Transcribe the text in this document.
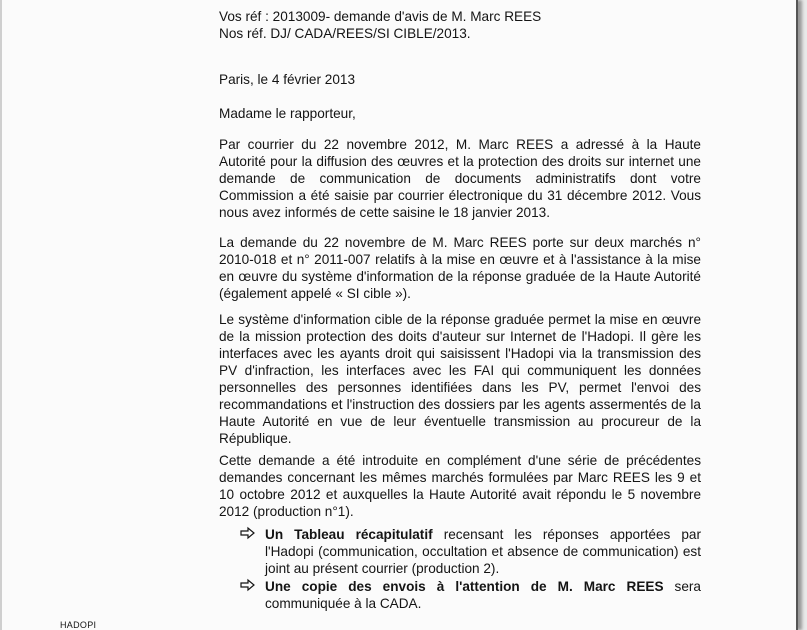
Vos réf : 2013009- demande d'avis de M. Marc REES
Nos réf. DJ/ CADA/REES/SI CIBLE/2013.
Paris, le 4 février 2013
Madame le rapporteur,

Par courrier du 22 novembre 2012, M. Marc REES a adressé à la Haute Autorité pour la diffusion des œuvres et la protection des droits sur internet une demande de communication de documents administratifs dont votre Commission a été saisie par courrier électronique du 31 décembre 2012. Vous nous avez informés de cette saisine le 18 janvier 2013.

La demande du 22 novembre de M. Marc REES porte sur deux marchés n° 2010-018 et n° 2011-007 relatifs à la mise en œuvre et à l'assistance à la mise en œuvre du système d'information de la réponse graduée de la Haute Autorité (également appelé « SI cible »).

Le système d'information cible de la réponse graduée permet la mise en œuvre de la mission protection des doits d'auteur sur Internet de l'Hadopi. Il gère les interfaces avec les ayants droit qui saisissent l'Hadopi via la transmission des PV d'infraction, les interfaces avec les FAI qui communiquent les données personnelles des personnes identifiées dans les PV, permet l'envoi des recommandations et l'instruction des dossiers par les agents assermentés de la Haute Autorité en vue de leur éventuelle transmission au procureur de la République.

Cette demande a été introduite en complément d'une série de précédentes demandes concernant les mêmes marchés formulées par Marc REES les 9 et 10 octobre 2012 et auxquelles la Haute Autorité avait répondu le 5 novembre 2012 (production n°1).

Un Tableau récapitulatif recensant les réponses apportées par l'Hadopi (communication, occultation et absence de communication) est joint au présent courrier (production 2).
Une copie des envois à l'attention de M. Marc REES sera communiquée à la CADA.
HADOPI
